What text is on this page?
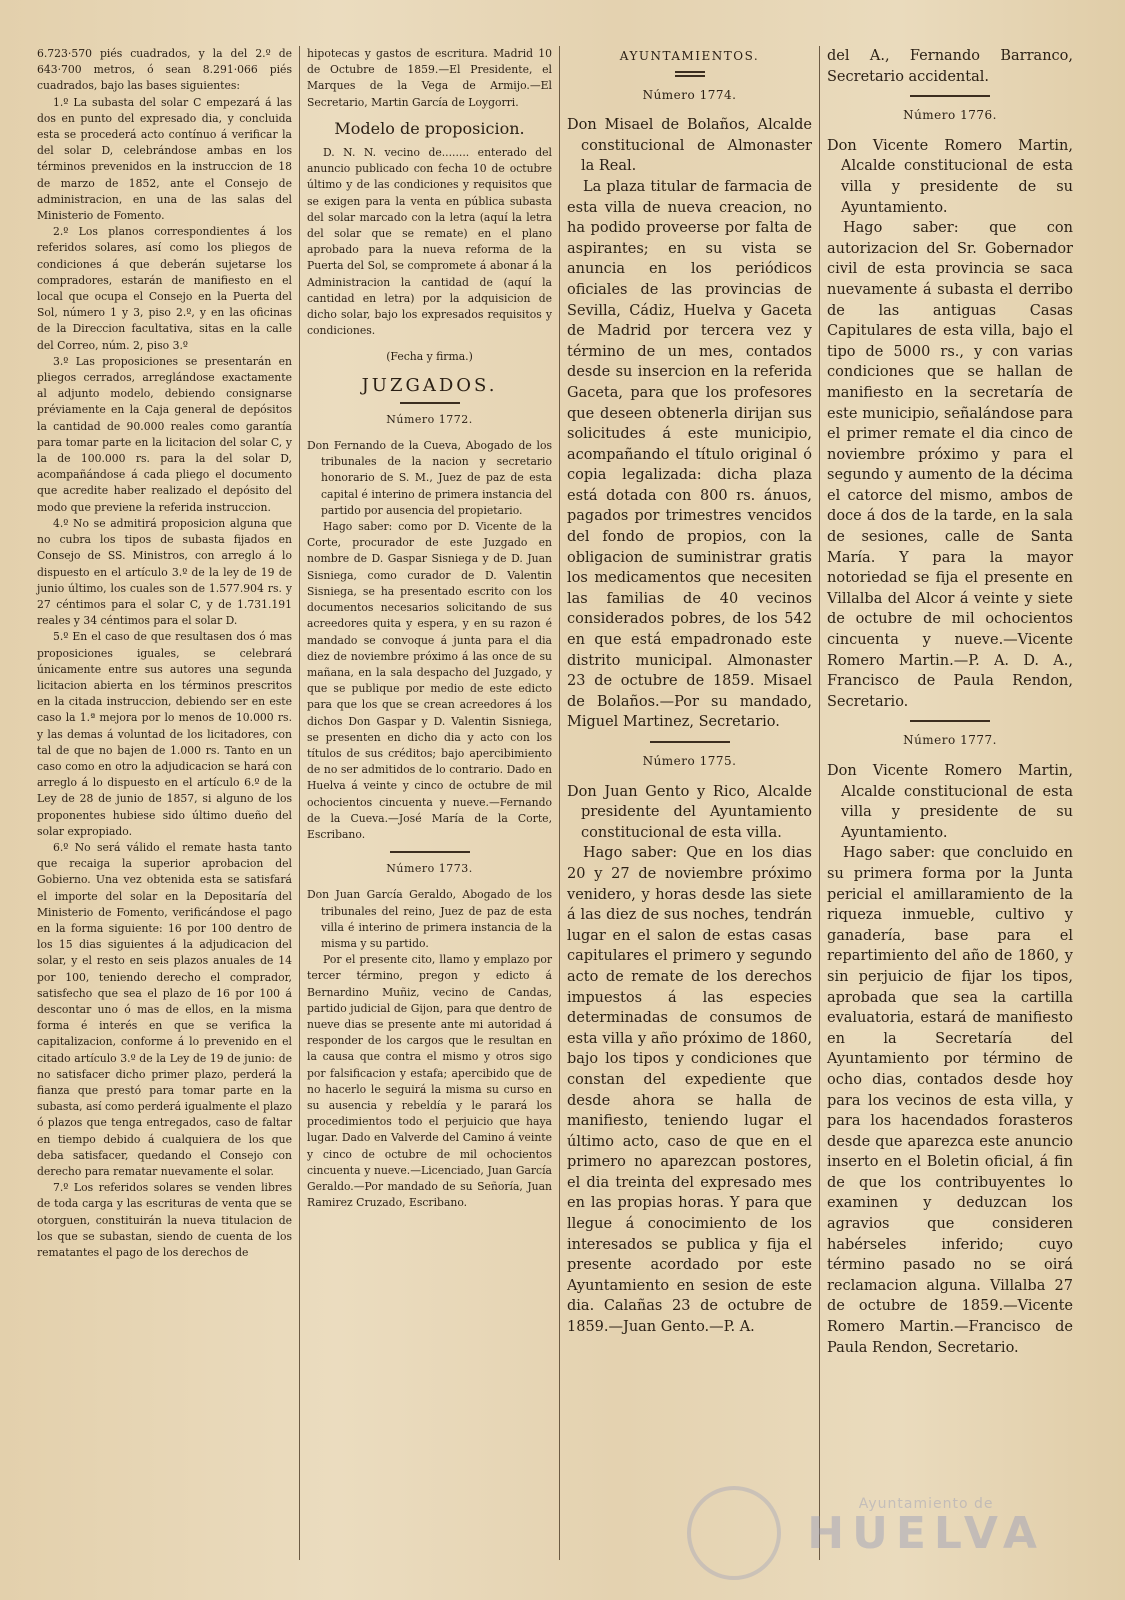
6.723·570 piés cuadrados, y la del 2.º de 643·700 metros, ó sean 8.291·066 piés cuadrados, bajo las bases siguientes:

1.º La subasta del solar C empezará á las dos en punto del expresado dia, y concluida esta se procederá acto contínuo á verificar la del solar D, celebrándose ambas en los términos prevenidos en la instruccion de 18 de marzo de 1852, ante el Consejo de administracion, en una de las salas del Ministerio de Fomento.

2.º Los planos correspondientes á los referidos solares, así como los pliegos de condiciones á que deberán sujetarse los compradores, estarán de manifiesto en el local que ocupa el Consejo en la Puerta del Sol, número 1 y 3, piso 2.º, y en las oficinas de la Direccion facultativa, sitas en la calle del Correo, núm. 2, piso 3.º

3.º Las proposiciones se presentarán en pliegos cerrados, arreglándose exactamente al adjunto modelo, debiendo consignarse préviamente en la Caja general de depósitos la cantidad de 90.000 reales como garantía para tomar parte en la licitacion del solar C, y la de 100.000 rs. para la del solar D, acompañándose á cada pliego el documento que acredite haber realizado el depósito del modo que previene la referida instruccion.

4.º No se admitirá proposicion alguna que no cubra los tipos de subasta fijados en Consejo de SS. Ministros, con arreglo á lo dispuesto en el artículo 3.º de la ley de 19 de junio último, los cuales son de 1.577.904 rs. y 27 céntimos para el solar C, y de 1.731.191 reales y 34 céntimos para el solar D.

5.º En el caso de que resultasen dos ó mas proposiciones iguales, se celebrará únicamente entre sus autores una segunda licitacion abierta en los términos prescritos en la citada instruccion, debiendo ser en este caso la 1.ª mejora por lo menos de 10.000 rs. y las demas á voluntad de los licitadores, con tal de que no bajen de 1.000 rs. Tanto en un caso como en otro la adjudicacion se hará con arreglo á lo dispuesto en el artículo 6.º de la Ley de 28 de junio de 1857, si alguno de los proponentes hubiese sido último dueño del solar expropiado.

6.º No será válido el remate hasta tanto que recaiga la superior aprobacion del Gobierno. Una vez obtenida esta se satisfará el importe del solar en la Depositaría del Ministerio de Fomento, verificándose el pago en la forma siguiente: 16 por 100 dentro de los 15 dias siguientes á la adjudicacion del solar, y el resto en seis plazos anuales de 14 por 100, teniendo derecho el comprador, satisfecho que sea el plazo de 16 por 100 á descontar uno ó mas de ellos, en la misma forma é interés en que se verifica la capitalizacion, conforme á lo prevenido en el citado artículo 3.º de la Ley de 19 de junio: de no satisfacer dicho primer plazo, perderá la fianza que prestó para tomar parte en la subasta, así como perderá igualmente el plazo ó plazos que tenga entregados, caso de faltar en tiempo debido á cualquiera de los que deba satisfacer, quedando el Consejo con derecho para rematar nuevamente el solar.

7.º Los referidos solares se venden libres de toda carga y las escrituras de venta que se otorguen, constituirán la nueva titulacion de los que se subastan, siendo de cuenta de los rematantes el pago de los derechos de

hipotecas y gastos de escritura. Madrid 10 de Octubre de 1859.—El Presidente, el Marques de la Vega de Armijo.—El Secretario, Martin García de Loygorri.

Modelo de proposicion.

D. N. N. vecino de........ enterado del anuncio publicado con fecha 10 de octubre último y de las condiciones y requisitos que se exigen para la venta en pública subasta del solar marcado con la letra (aquí la letra del solar que se remate) en el plano aprobado para la nueva reforma de la Puerta del Sol, se compromete á abonar á la Administracion la cantidad de (aquí la cantidad en letra) por la adquisicion de dicho solar, bajo los expresados requisitos y condiciones.

(Fecha y firma.)

JUZGADOS.

Número 1772.

Don Fernando de la Cueva, Abogado de los tribunales de la nacion y secretario honorario de S. M., Juez de paz de esta capital é interino de primera instancia del partido por ausencia del propietario.

Hago saber: como por D. Vicente de la Corte, procurador de este Juzgado en nombre de D. Gaspar Sisniega y de D. Juan Sisniega, como curador de D. Valentin Sisniega, se ha presentado escrito con los documentos necesarios solicitando de sus acreedores quita y espera, y en su razon é mandado se convoque á junta para el dia diez de noviembre próximo á las once de su mañana, en la sala despacho del Juzgado, y que se publique por medio de este edicto para que los que se crean acreedores á los dichos Don Gaspar y D. Valentin Sisniega, se presenten en dicho dia y acto con los títulos de sus créditos; bajo apercibimiento de no ser admitidos de lo contrario. Dado en Huelva á veinte y cinco de octubre de mil ochocientos cincuenta y nueve.—Fernando de la Cueva.—José María de la Corte, Escribano.

Número 1773.

Don Juan García Geraldo, Abogado de los tribunales del reino, Juez de paz de esta villa é interino de primera instancia de la misma y su partido.

Por el presente cito, llamo y emplazo por tercer término, pregon y edicto á Bernardino Muñiz, vecino de Candas, partido judicial de Gijon, para que dentro de nueve dias se presente ante mi autoridad á responder de los cargos que le resultan en la causa que contra el mismo y otros sigo por falsificacion y estafa; apercibido que de no hacerlo le seguirá la misma su curso en su ausencia y rebeldía y le parará los procedimientos todo el perjuicio que haya lugar. Dado en Valverde del Camino á veinte y cinco de octubre de mil ochocientos cincuenta y nueve.—Licenciado, Juan García Geraldo.—Por mandado de su Señoría, Juan Ramirez Cruzado, Escribano.

AYUNTAMIENTOS.

Número 1774.

Don Misael de Bolaños, Alcalde constitucional de Almonaster la Real.

La plaza titular de farmacia de esta villa de nueva creacion, no ha podido proveerse por falta de aspirantes; en su vista se anuncia en los periódicos oficiales de las provincias de Sevilla, Cádiz, Huelva y Gaceta de Madrid por tercera vez y término de un mes, contados desde su insercion en la referida Gaceta, para que los profesores que deseen obtenerla dirijan sus solicitudes á este municipio, acompañando el título original ó copia legalizada: dicha plaza está dotada con 800 rs. ánuos, pagados por trimestres vencidos del fondo de propios, con la obligacion de suministrar gratis los medicamentos que necesiten las familias de 40 vecinos considerados pobres, de los 542 en que está empadronado este distrito municipal. Almonaster 23 de octubre de 1859. Misael de Bolaños.—Por su mandado, Miguel Martinez, Secretario.

Número 1775.

Don Juan Gento y Rico, Alcalde presidente del Ayuntamiento constitucional de esta villa.

Hago saber: Que en los dias 20 y 27 de noviembre próximo venidero, y horas desde las siete á las diez de sus noches, tendrán lugar en el salon de estas casas capitulares el primero y segundo acto de remate de los derechos impuestos á las especies determinadas de consumos de esta villa y año próximo de 1860, bajo los tipos y condiciones que constan del expediente que desde ahora se halla de manifiesto, teniendo lugar el último acto, caso de que en el primero no aparezcan postores, el dia treinta del expresado mes en las propias horas. Y para que llegue á conocimiento de los interesados se publica y fija el presente acordado por este Ayuntamiento en sesion de este dia. Calañas 23 de octubre de 1859.—Juan Gento.—P. A.

del A., Fernando Barranco, Secretario accidental.

Número 1776.

Don Vicente Romero Martin, Alcalde constitucional de esta villa y presidente de su Ayuntamiento.

Hago saber: que con autorizacion del Sr. Gobernador civil de esta provincia se saca nuevamente á subasta el derribo de las antiguas Casas Capitulares de esta villa, bajo el tipo de 5000 rs., y con varias condiciones que se hallan de manifiesto en la secretaría de este municipio, señalándose para el primer remate el dia cinco de noviembre próximo y para el segundo y aumento de la décima el catorce del mismo, ambos de doce á dos de la tarde, en la sala de sesiones, calle de Santa María. Y para la mayor notoriedad se fija el presente en Villalba del Alcor á veinte y siete de octubre de mil ochocientos cincuenta y nueve.—Vicente Romero Martin.—P. A. D. A., Francisco de Paula Rendon, Secretario.

Número 1777.

Don Vicente Romero Martin, Alcalde constitucional de esta villa y presidente de su Ayuntamiento.

Hago saber: que concluido en su primera forma por la Junta pericial el amillaramiento de la riqueza inmueble, cultivo y ganadería, base para el repartimiento del año de 1860, y sin perjuicio de fijar los tipos, aprobada que sea la cartilla evaluatoria, estará de manifiesto en la Secretaría del Ayuntamiento por término de ocho dias, contados desde hoy para los vecinos de esta villa, y para los hacendados forasteros desde que aparezca este anuncio inserto en el Boletin oficial, á fin de que los contribuyentes lo examinen y deduzcan los agravios que consideren habérseles inferido; cuyo término pasado no se oirá reclamacion alguna. Villalba 27 de octubre de 1859.—Vicente Romero Martin.—Francisco de Paula Rendon, Secretario.

Ayuntamiento de
HUELVA
